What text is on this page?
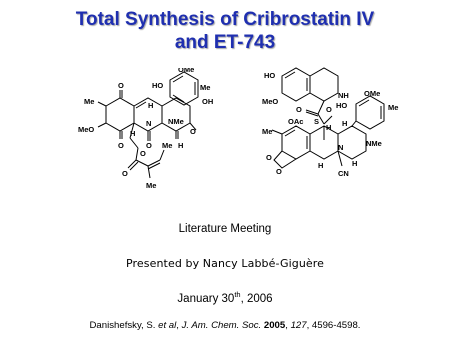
Total Synthesis of Cribrostatin IV
and ET-743
OMe
HO	Me
OH
H
NMe
O
Me
MeO
O
N
O
H
H
O
O
O
Me
Me
HO
NH
MeO
O	O
OMe
HO	Me
OAc S
H H
Me
NMe
O
O
N
H	H
CN
Literature Meeting
Presented by Nancy Labbé-Giguère
January 30th, 2006
Danishefsky, S. et al, J. Am. Chem. Soc. 2005, 127, 4596-4598.
